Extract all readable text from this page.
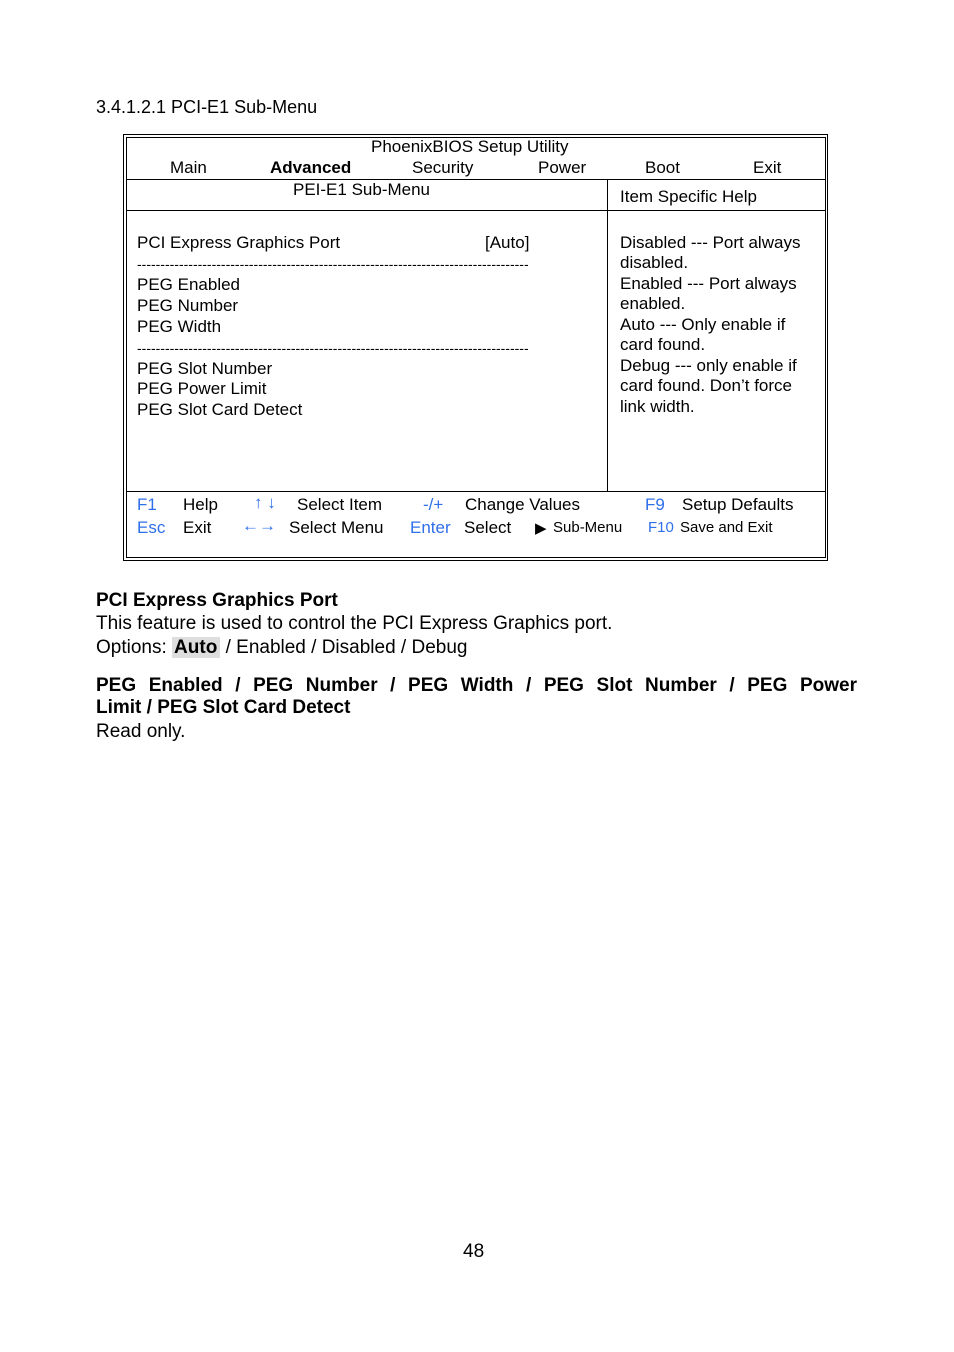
3.4.1.2.1 PCI-E1 Sub-Menu
PhoenixBIOS Setup Utility
Main	Advanced	Security	Power	Boot	Exit
PEI-E1 Sub-Menu	Item Specific Help
PCI Express Graphics Port	[Auto]
------------------------------------------------------------------------------------
PEG Enabled
PEG Number
PEG Width
------------------------------------------------------------------------------------
PEG Slot Number
PEG Power Limit
PEG Slot Card Detect
Disabled --- Port always
disabled.
Enabled --- Port always
enabled.
Auto --- Only enable if
card found.
Debug --- only enable if
card found. Don’t force
link width.
F1 Help ↑ ↓ Select Item -/+ Change Values	F9 Setup Defaults
Esc Exit ←→ Select Menu Enter Select ▶ Sub-Menu F10 Save and Exit
PCI Express Graphics Port
This feature is used to control the PCI Express Graphics port.
Options: Auto / Enabled / Disabled / Debug
PEG Enabled / PEG Number / PEG Width / PEG Slot Number / PEG Power
Limit / PEG Slot Card Detect
Read only.
48
